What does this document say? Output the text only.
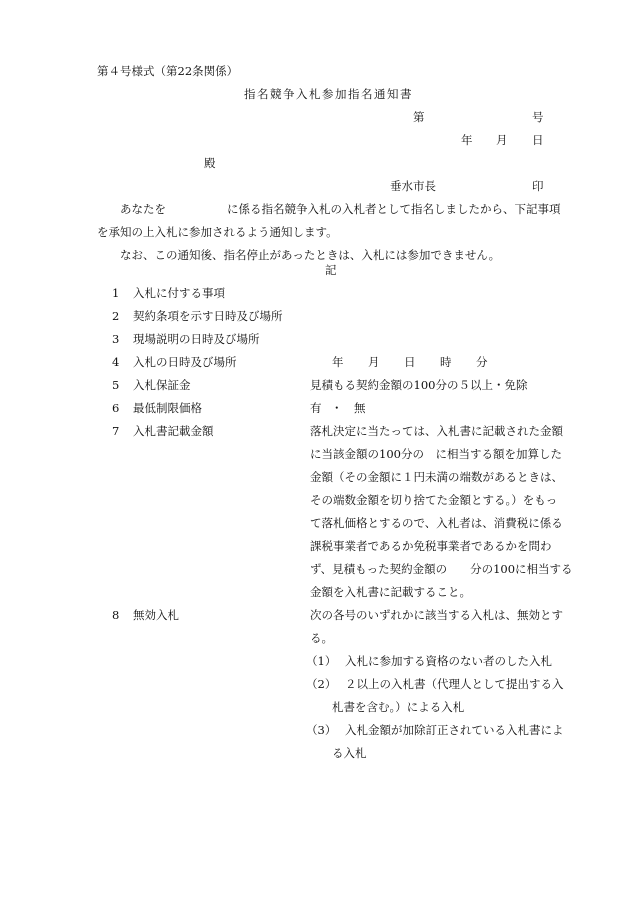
第４号様式（第22条関係）
指名競争入札参加指名通知書
第	号
年 月 日
殿
垂水市長	印
あなたを	に係る指名競争入札の入札者として指名しましたから、下記事項
を承知の上入札に参加されるよう通知します。
なお、この通知後、指名停止があったときは、入札には参加できません。
記
1 入札に付する事項
2 契約条項を示す日時及び場所
3 現場説明の日時及び場所
4 入札の日時及び場所	年 月 日 時 分
5 入札保証金	見積もる契約金額の100分の５以上・免除
6 最低制限価格	有 ・ 無
7 入札書記載金額	落札決定に当たっては、入札書に記載された金額
に当該金額の100分の　に相当する額を加算した
金額（その金額に１円未満の端数があるときは、
その端数金額を切り捨てた金額とする。）をもっ
て落札価格とするので、入札者は、消費税に係る
課税事業者であるか免税事業者であるかを問わ
ず、見積もった契約金額の　　分の100に相当する
金額を入札書に記載すること。
8 無効入札	次の各号のいずれかに該当する入札は、無効とす
る。
（1） 入札に参加する資格のない者のした入札
（2） ２以上の入札書（代理人として提出する入
札書を含む。）による入札
（3） 入札金額が加除訂正されている入札書によ
る入札
